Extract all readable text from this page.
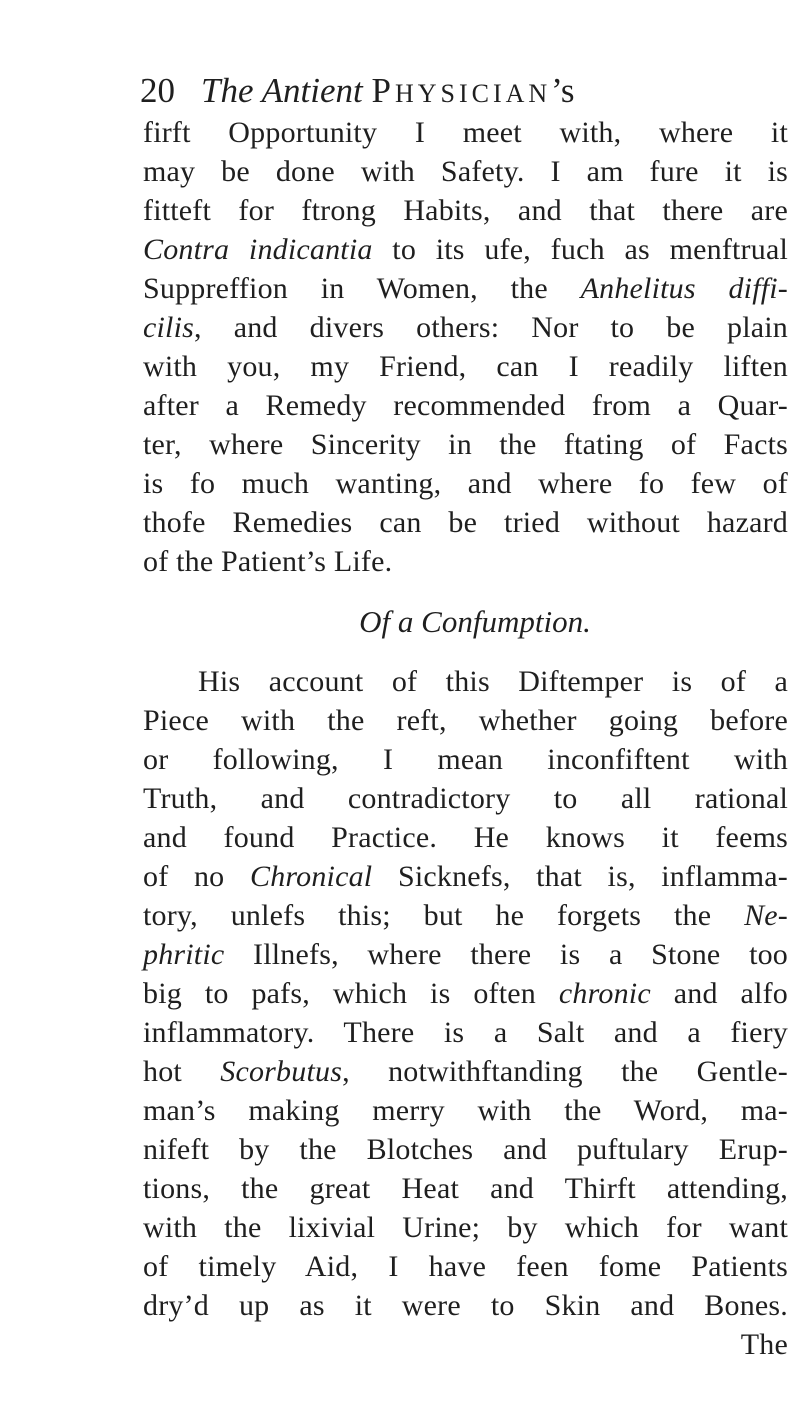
20 The Antient PHYSICIAN’s
firft Opportunity I meet with, where it
may be done with Safety. I am fure it is
fitteft for ftrong Habits, and that there are
Contra indicantia to its ufe, fuch as menftrual
Suppreffion in Women, the Anhelitus diffi-
cilis, and divers others: Nor to be plain
with you, my Friend, can I readily liften
after a Remedy recommended from a Quar-
ter, where Sincerity in the ftating of Facts
is fo much wanting, and where fo few of
thofe Remedies can be tried without hazard
of the Patient’s Life.
Of a Confumption.
His account of this Diftemper is of a
Piece with the reft, whether going before
or following, I mean inconfiftent with
Truth, and contradictory to all rational
and found Practice. He knows it feems
of no Chronical Sicknefs, that is, inflamma-
tory, unlefs this; but he forgets the Ne-
phritic Illnefs, where there is a Stone too
big to pafs, which is often chronic and alfo
inflammatory. There is a Salt and a fiery
hot Scorbutus, notwithftanding the Gentle-
man’s making merry with the Word, ma-
nifeft by the Blotches and puftulary Erup-
tions, the great Heat and Thirft attending,
with the lixivial Urine; by which for want
of timely Aid, I have feen fome Patients
dry’d up as it were to Skin and Bones.
The
